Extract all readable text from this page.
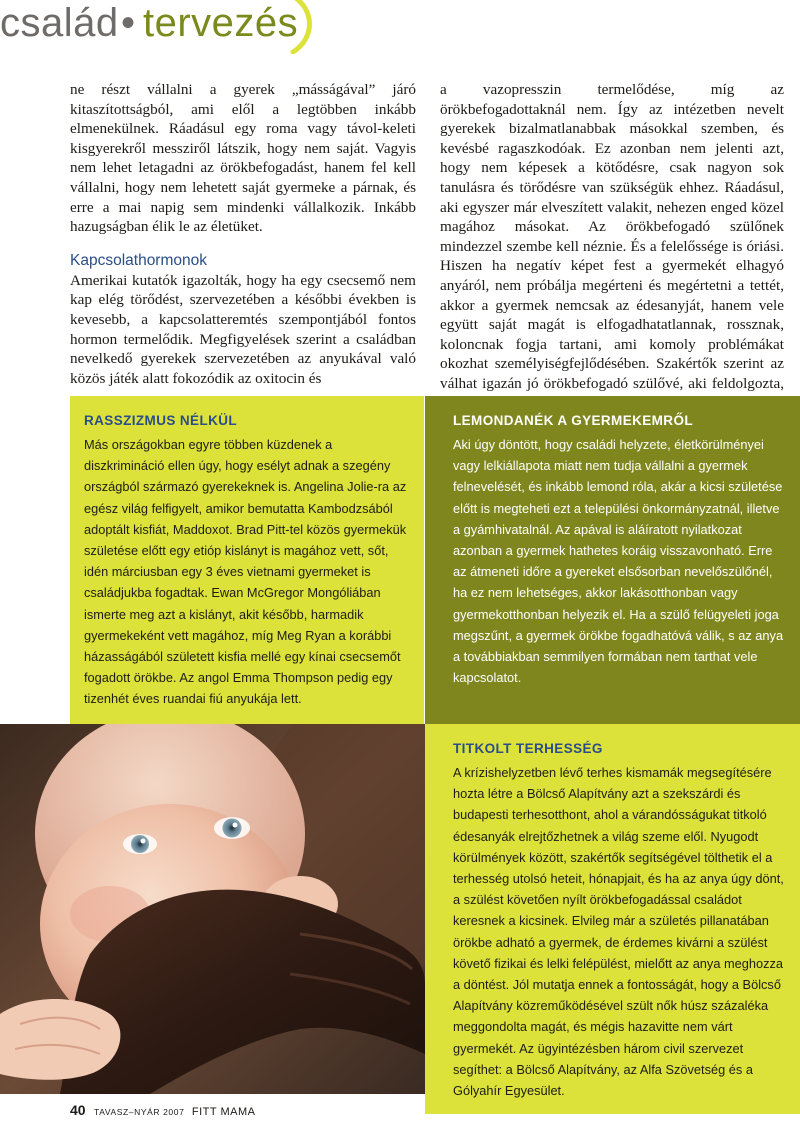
család • tervezés

ne részt vállalni a gyerek „másságával” járó kitaszítottságból, ami elől a legtöbben inkább elmenekülnek. Ráadásul egy roma vagy távol-keleti kisgyerekről messziről látszik, hogy nem saját. Vagyis nem lehet letagadni az örökbefogadást, hanem fel kell vállalni, hogy nem lehetett saját gyermeke a párnak, és erre a mai napig sem mindenki vállalkozik. Inkább hazugságban élik le az életüket.

Kapcsolathormonok

Amerikai kutatók igazolták, hogy ha egy csecsemő nem kap elég törődést, szervezetében a későbbi években is kevesebb, a kapcsolatteremtés szempontjából fontos hormon termelődik. Megfigyelések szerint a családban nevelkedő gyerekek szervezetében az anyukával való közös játék alatt fokozódik az oxitocin és

a vazopresszin termelődése, míg az örökbefogadottaknál nem. Így az intézetben nevelt gyerekek bizalmatlanabbak másokkal szemben, és kevésbé ragaszkodóak. Ez azonban nem jelenti azt, hogy nem képesek a kötődésre, csak nagyon sok tanulásra és törődésre van szükségük ehhez. Ráadásul, aki egyszer már elveszített valakit, nehezen enged közel magához másokat. Az örökbefogadó szülőnek mindezzel szembe kell néznie. És a felelőssége is óriási. Hiszen ha negatív képet fest a gyermekét elhagyó anyáról, nem próbálja megérteni és megértetni a tettét, akkor a gyermek nemcsak az édesanyját, hanem vele együtt saját magát is elfogadhatatlannak, rossznak, koloncnak fogja tartani, ami komoly problémákat okozhat személyiségfejlődésében. Szakértők szerint az válhat igazán jó örökbefogadó szülővé, aki feldolgozta,

RASSZIZMUS NÉLKÜL

Más országokban egyre többen küzdenek a diszkrimináció ellen úgy, hogy esélyt adnak a szegény országból származó gyerekeknek is. Angelina Jolie-ra az egész világ felfigyelt, amikor bemutatta Kambodzsából adoptált kisfiát, Maddoxot. Brad Pitt-tel közös gyermekük születése előtt egy etióp kislányt is magához vett, sőt, idén márciusban egy 3 éves vietnami gyermeket is családjukba fogadtak. Ewan McGregor Mongóliában ismerte meg azt a kislányt, akit később, harmadik gyermekeként vett magához, míg Meg Ryan a korábbi házasságából született kisfia mellé egy kínai csecsemőt fogadott örökbe. Az angol Emma Thompson pedig egy tizenhét éves ruandai fiú anyukája lett.

LEMONDANÉK A GYERMEKEMRŐL

Aki úgy döntött, hogy családi helyzete, életkörülményei vagy lelkiállapota miatt nem tudja vállalni a gyermek felnevelését, és inkább lemond róla, akár a kicsi születése előtt is megteheti ezt a települési önkormányzatnál, illetve a gyámhivatalnál. Az apával is aláíratott nyilatkozat azonban a gyermek hathetes koráig visszavonható. Erre az átmeneti időre a gyereket elsősorban nevelőszülőnél, ha ez nem lehetséges, akkor lakásotthonban vagy gyermekotthonban helyezik el. Ha a szülő felügyeleti joga megszűnt, a gyermek örökbe fogadhatóvá válik, s az anya a továbbiakban semmilyen formában nem tarthat vele kapcsolatot.

TITKOLT TERHESSÉG

A krízishelyzetben lévő terhes kismamák megsegítésére hozta létre a Bölcső Alapítvány azt a szekszárdi és budapesti terhesotthont, ahol a várandósságukat titkoló édesanyák elrejtőzhetnek a világ szeme elől. Nyugodt körülmények között, szakértők segítségével tölthetik el a terhesség utolsó heteit, hónapjait, és ha az anya úgy dönt, a szülést követően nyílt örökbefogadással családot keresnek a kicsinek. Elvileg már a születés pillanatában örökbe adható a gyermek, de érdemes kivárni a szülést követő fizikai és lelki felépülést, mielőtt az anya meghozza a döntést. Jól mutatja ennek a fontosságát, hogy a Bölcső Alapítvány közreműködésével szült nők húsz százaléka meggondolta magát, és mégis hazavitte nem várt gyermekét. Az ügyintézésben három civil szervezet segíthet: a Bölcső Alapítvány, az Alfa Szövetség és a Gólyahír Egyesület.

40 TAVASZ–NYÁR 2007 FITT MAMA
